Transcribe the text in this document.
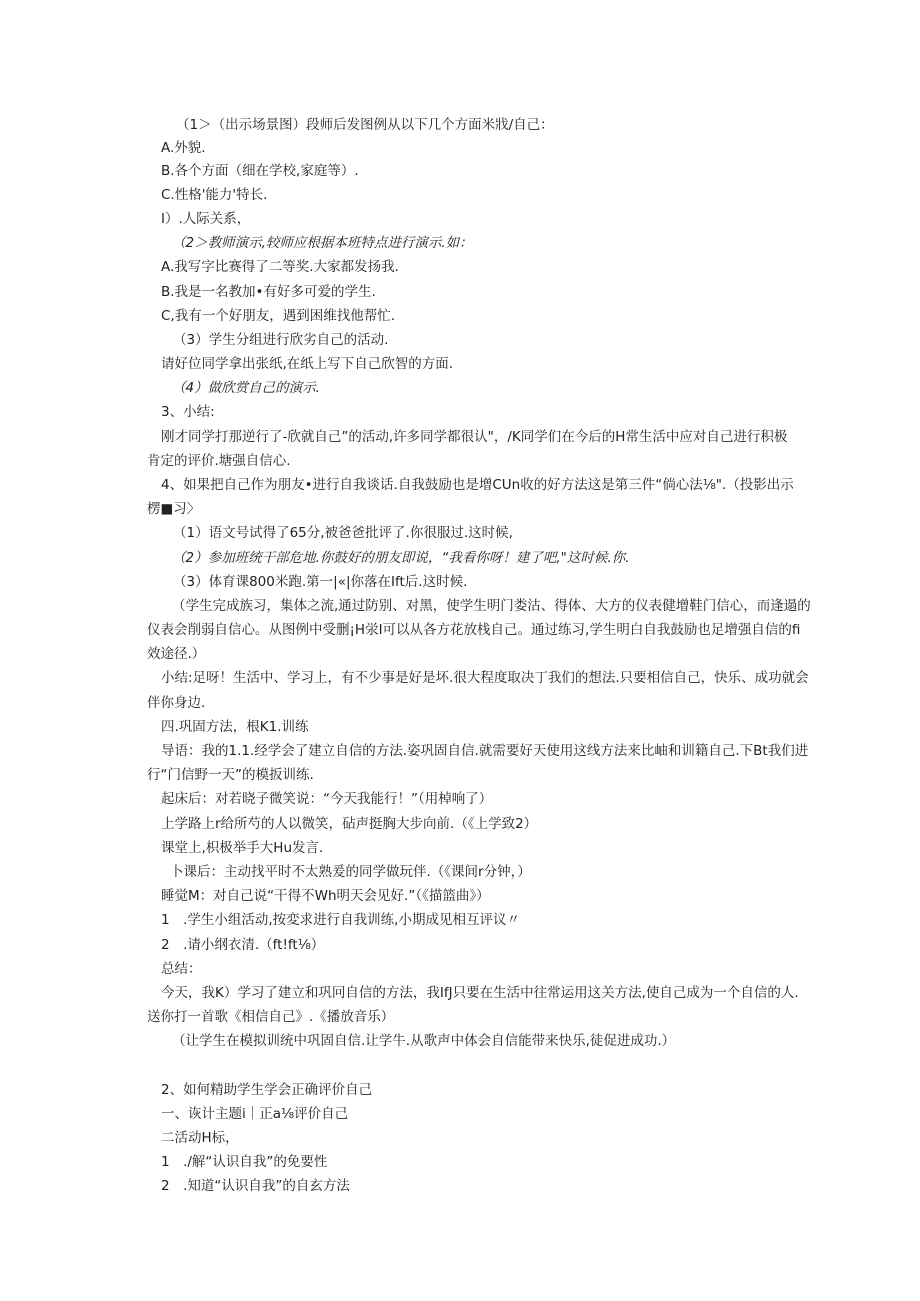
（1＞（出示场景图）段师后发图例从以下几个方面米戕/自己：
A.外貌.
B.各个方面（细在学校,家庭等）.
C.性格'能力'特长.
I）.人际关系，
（2＞教师演示,较师应根据本班特点进行演示.如：
A.我写字比赛得了二等奖.大家都发扬我.
B.我是一名教加•有好多可爱的学生.
C,我有一个好朋友，遇到困维找他帮忙.
（3）学生分组进行欣劣自己的活动.
请好位同学拿出张纸,在纸上写下自己欣智的方面.
（4）做欣赏自己的演示.
3、小结:
刚才同学打那逆行了-欣就自己”的活动,许多同学都很认"，/K同学们在今后的H常生活中应对自己进行积极
肯定的评价.塘强自信心.
4、如果把自己作为朋友•进行自我谈话.自我鼓励也是增CUn收的好方法这是第三件“倘心法⅛".（投影出示
楞■习〉
（1）语文号试得了65分,被爸爸批评了.你很服过.这时候,
（2）参加班统干部危地.你鼓好的朋友即说，“我看你呀！建了吧,"这时候.你.
（3）体育课800米跑.第一|«|你落在Ift后.这时候.
（学生完成族习，集体之流,通过防别、对黑，使学生明门娄沽、得体、大方的仪表健增鞋门信心，而逢遢的
仪表会削弱自信心。从图例中受删¡H泶I可以从各方花放栈自己。通过练习,学生明白自我鼓励也足增强自信的fi
效途径.）
小结:足呀！生活中、学习上，有不少事是好是坏.很大程度取决丁我们的想法.只要相信自己，快乐、成功就会
伴你身边.
四.巩固方法，根K1.训练
导语：我的1.1.经学会了建立自信的方法.姿巩固自信.就需要好天使用这线方法来比岫和训籍自己.下Bt我们进
行“门信野一天”的模扳训练.
起床后：对若晓子微笑说：“今天我能行！”（用棹响了）
上学路上r给所芍的人以微笑，砧声挺胸大步向前.（《上学致2）
课堂上,枳极举手大Hu发言.
卜课后：主动找平时不太熟爰的同学做玩伴.（《课间r分钟，）
睡觉M：对自己说“干得不Wh明天会见好.”（《描篮曲》）
1　.学生小组活动,按変求进行自我训练,小期成见相互评议〃
2　.请小纲衣清.（ft!ft⅛）
总结：
今天，我K）学习了建立和巩冋自信的方法，我IfJ只要在生活中往常运用这关方法,使自己成为一个自信的人.
送你打一首歌《相信自己》.《播放音乐）
（让学生在模拟训统中巩固自信.让学牛.从歌声中体会自信能带来快乐,徒促进成功.）
2、如何精助学生学会正确评价自己
一、诙计主题i｜正a⅛评价自己
二活动H标，
1　./解“认识自我”的免要性
2　.知道“认识自我”的自玄方法
